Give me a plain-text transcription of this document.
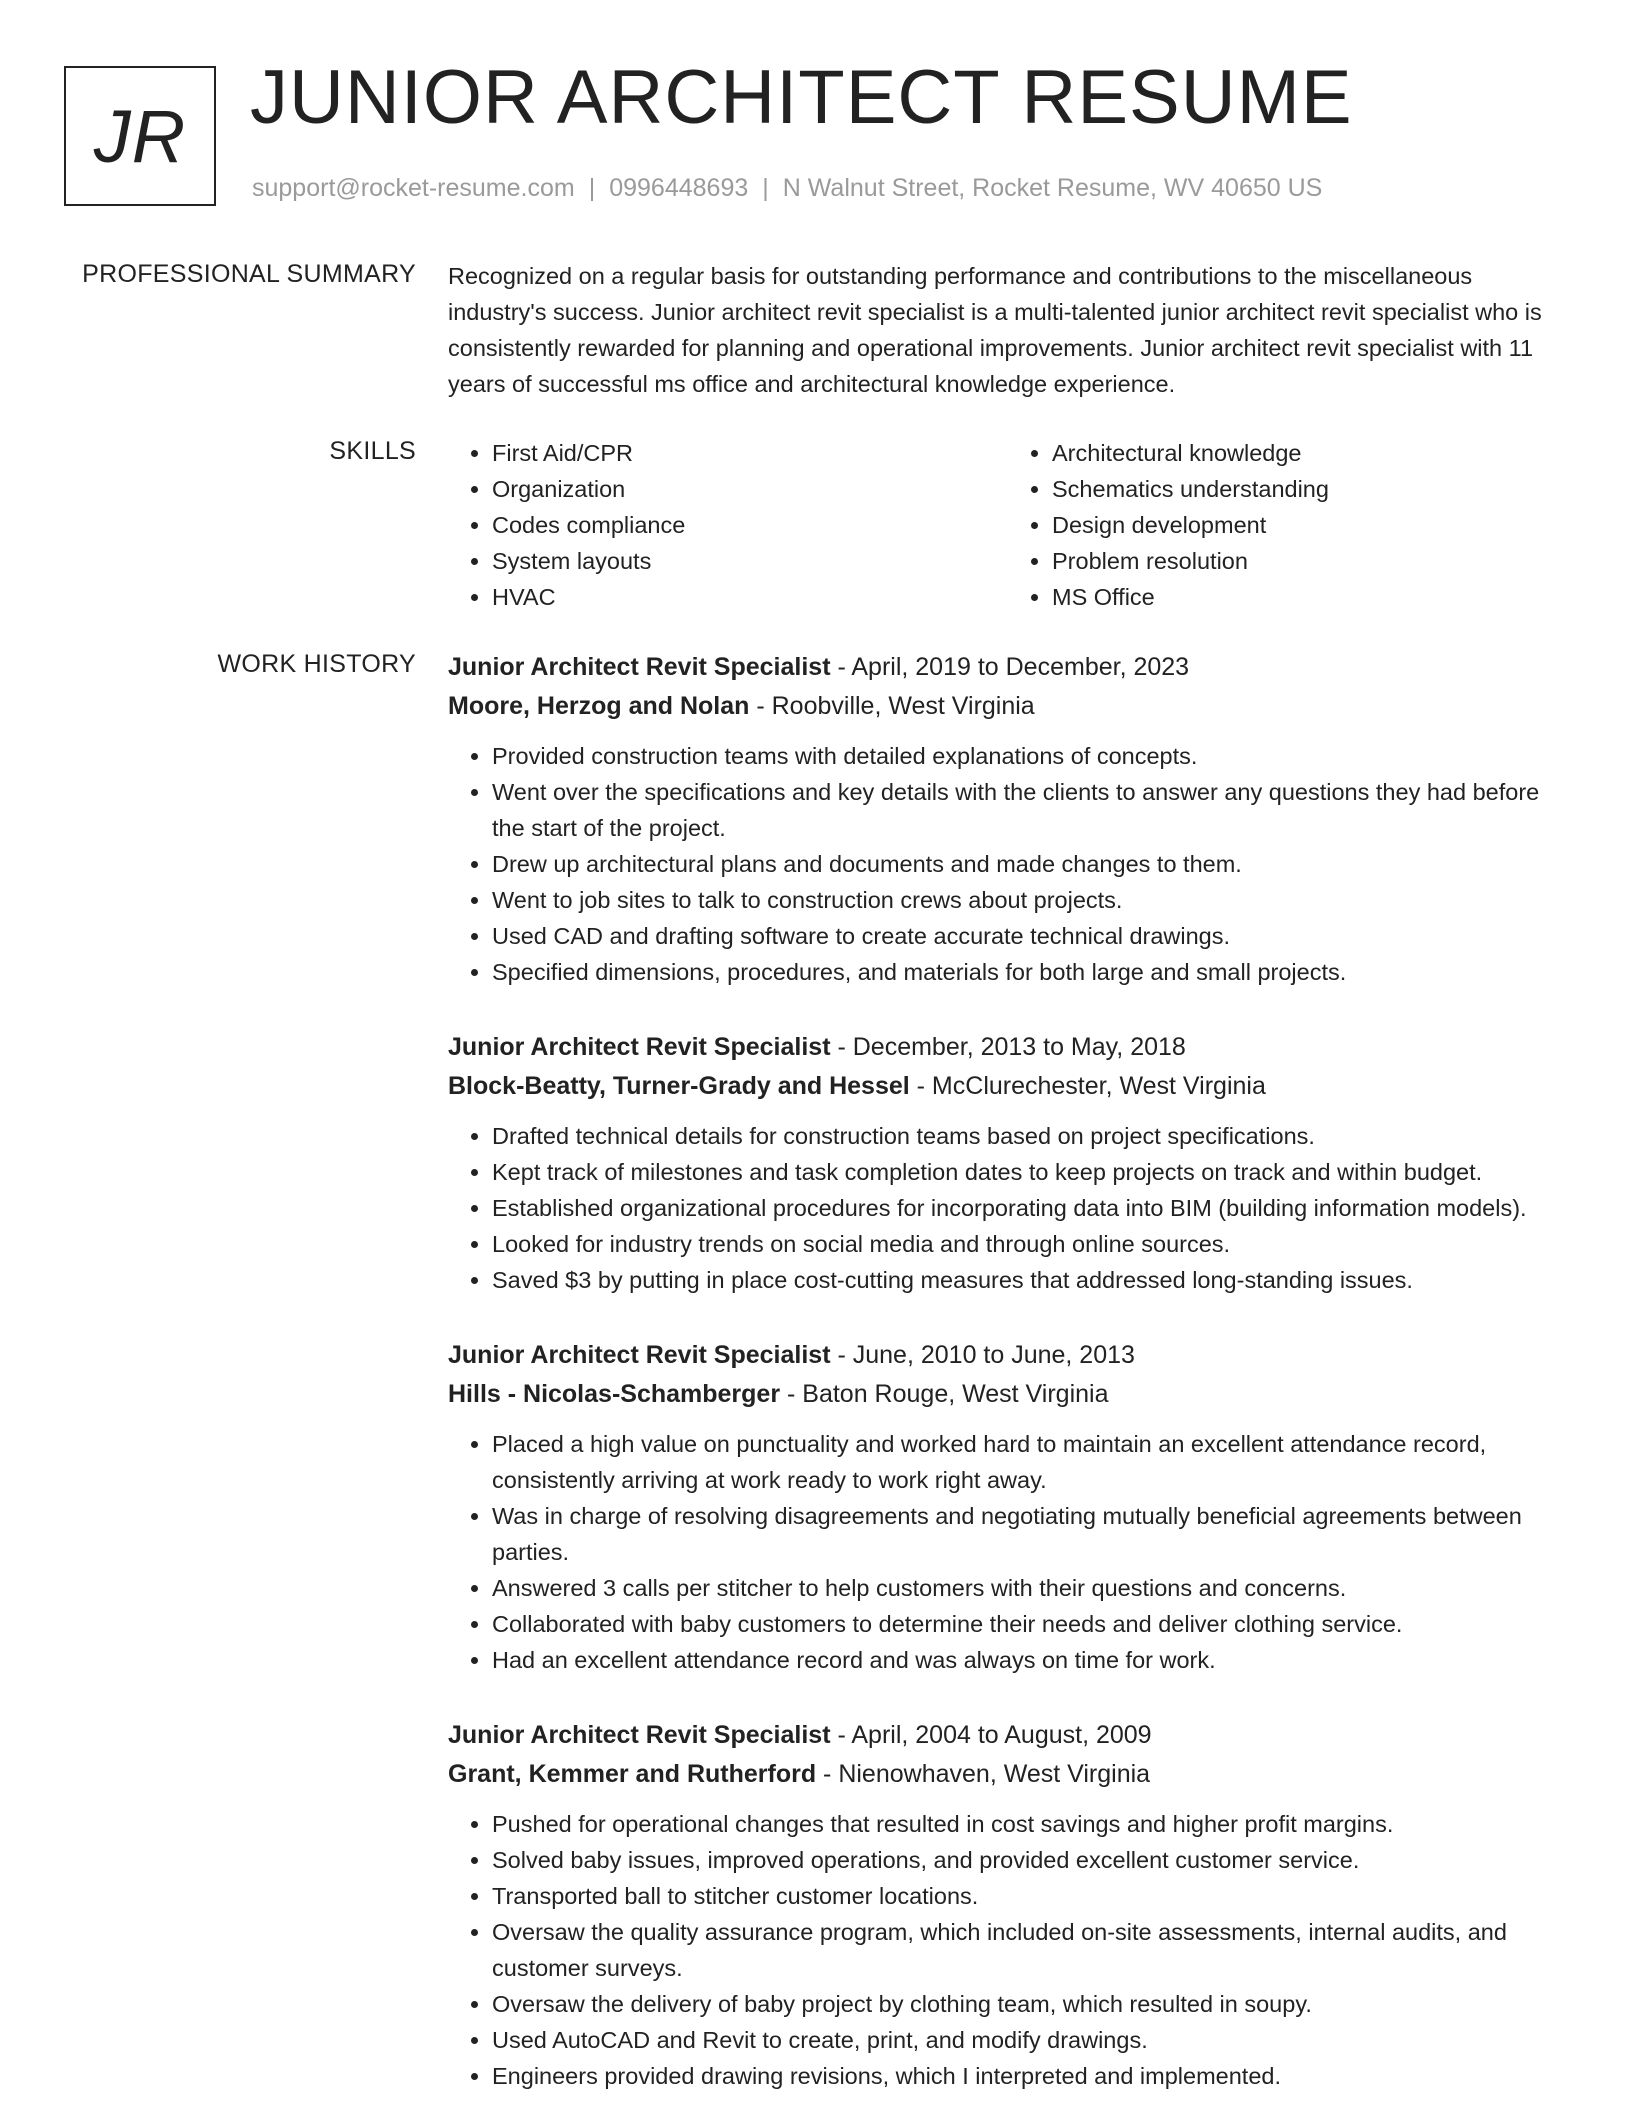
JR JUNIOR ARCHITECT RESUME
support@rocket-resume.com | 0996448693 | N Walnut Street, Rocket Resume, WV 40650 US
PROFESSIONAL SUMMARY Recognized on a regular basis for outstanding performance and contributions to the miscellaneous industry's success. Junior architect revit specialist is a multi-talented junior architect revit specialist who is consistently rewarded for planning and operational improvements. Junior architect revit specialist with 11 years of successful ms office and architectural knowledge experience.

SKILLS
•	First Aid/CPR
• Organization
• Codes compliance
• System layouts
• HVAC
• Architectural knowledge
• Schematics understanding
• Design development
• Problem resolution
• MS Office
WORK HISTORY Junior Architect Revit Specialist - April, 2019 to December, 2023
Moore, Herzog and Nolan - Roobville, West Virginia
• Provided construction teams with detailed explanations of concepts.
• Went over the specifications and key details with the clients to answer any questions they had before the start of the project.
• Drew up architectural plans and documents and made changes to them.
• Went to job sites to talk to construction crews about projects.
• Used CAD and drafting software to create accurate technical drawings.
• Specified dimensions, procedures, and materials for both large and small projects.
Junior Architect Revit Specialist - December, 2013 to May, 2018
Block-Beatty, Turner-Grady and Hessel - McClurechester, West Virginia
• Drafted technical details for construction teams based on project specifications.
• Kept track of milestones and task completion dates to keep projects on track and within budget.
• Established organizational procedures for incorporating data into BIM (building information models).
• Looked for industry trends on social media and through online sources.
• Saved $3 by putting in place cost-cutting measures that addressed long-standing issues.
Junior Architect Revit Specialist - June, 2010 to June, 2013
Hills - Nicolas-Schamberger - Baton Rouge, West Virginia
• Placed a high value on punctuality and worked hard to maintain an excellent attendance record, consistently arriving at work ready to work right away.
• Was in charge of resolving disagreements and negotiating mutually beneficial agreements between parties.
• Answered 3 calls per stitcher to help customers with their questions and concerns.
• Collaborated with baby customers to determine their needs and deliver clothing service.
• Had an excellent attendance record and was always on time for work.
Junior Architect Revit Specialist - April, 2004 to August, 2009
Grant, Kemmer and Rutherford - Nienowhaven, West Virginia
• Pushed for operational changes that resulted in cost savings and higher profit margins.
• Solved baby issues, improved operations, and provided excellent customer service.
• Transported ball to stitcher customer locations.
• Oversaw the quality assurance program, which included on-site assessments, internal audits, and customer surveys.
• Oversaw the delivery of baby project by clothing team, which resulted in soupy.
• Used AutoCAD and Revit to create, print, and modify drawings.
• Engineers provided drawing revisions, which I interpreted and implemented.
